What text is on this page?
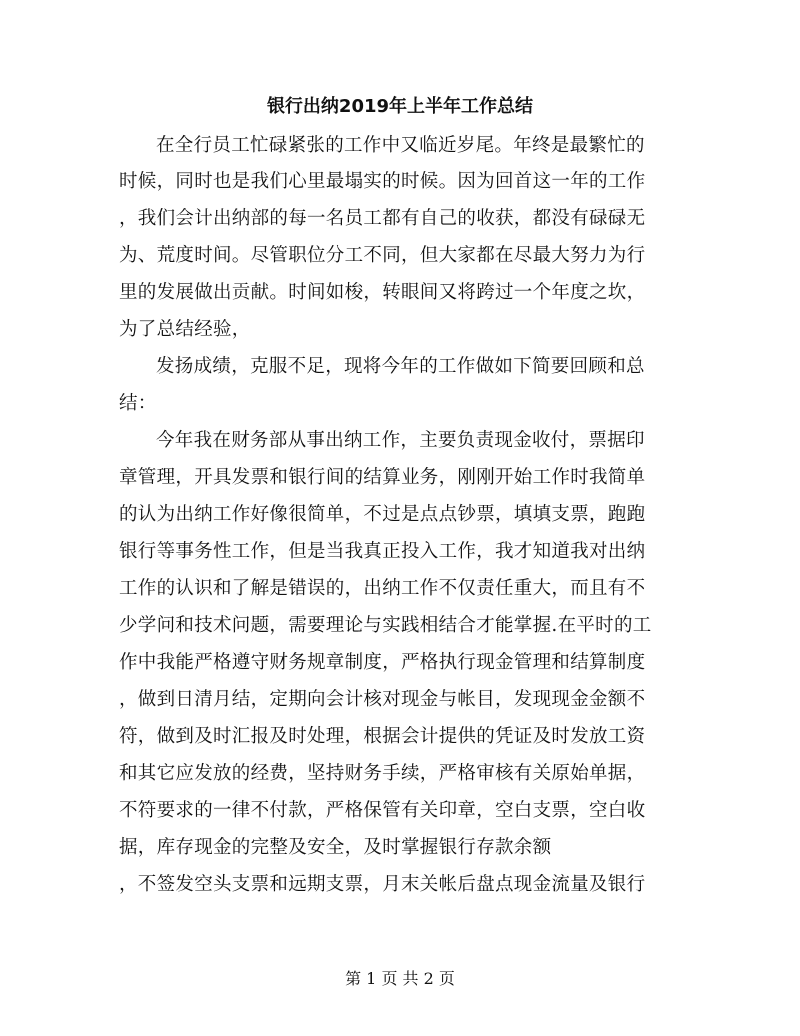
银行出纳2019年上半年工作总结
在全行员工忙碌紧张的工作中又临近岁尾。年终是最繁忙的
时候，同时也是我们心里最塌实的时候。因为回首这一年的工作
，我们会计出纳部的每一名员工都有自己的收获，都没有碌碌无
为、荒度时间。尽管职位分工不同，但大家都在尽最大努力为行
里的发展做出贡献。时间如梭，转眼间又将跨过一个年度之坎，
为了总结经验，
发扬成绩，克服不足，现将今年的工作做如下简要回顾和总
结：
今年我在财务部从事出纳工作，主要负责现金收付，票据印
章管理，开具发票和银行间的结算业务，刚刚开始工作时我简单
的认为出纳工作好像很简单，不过是点点钞票，填填支票，跑跑
银行等事务性工作，但是当我真正投入工作，我才知道我对出纳
工作的认识和了解是错误的，出纳工作不仅责任重大，而且有不
少学问和技术问题，需要理论与实践相结合才能掌握.在平时的工
作中我能严格遵守财务规章制度，严格执行现金管理和结算制度
，做到日清月结，定期向会计核对现金与帐目，发现现金金额不
符，做到及时汇报及时处理，根据会计提供的凭证及时发放工资
和其它应发放的经费，坚持财务手续，严格审核有关原始单据，
不符要求的一律不付款，严格保管有关印章，空白支票，空白收
据，库存现金的完整及安全，及时掌握银行存款余额
，不签发空头支票和远期支票，月末关帐后盘点现金流量及银行
第 1 页 共 2 页
